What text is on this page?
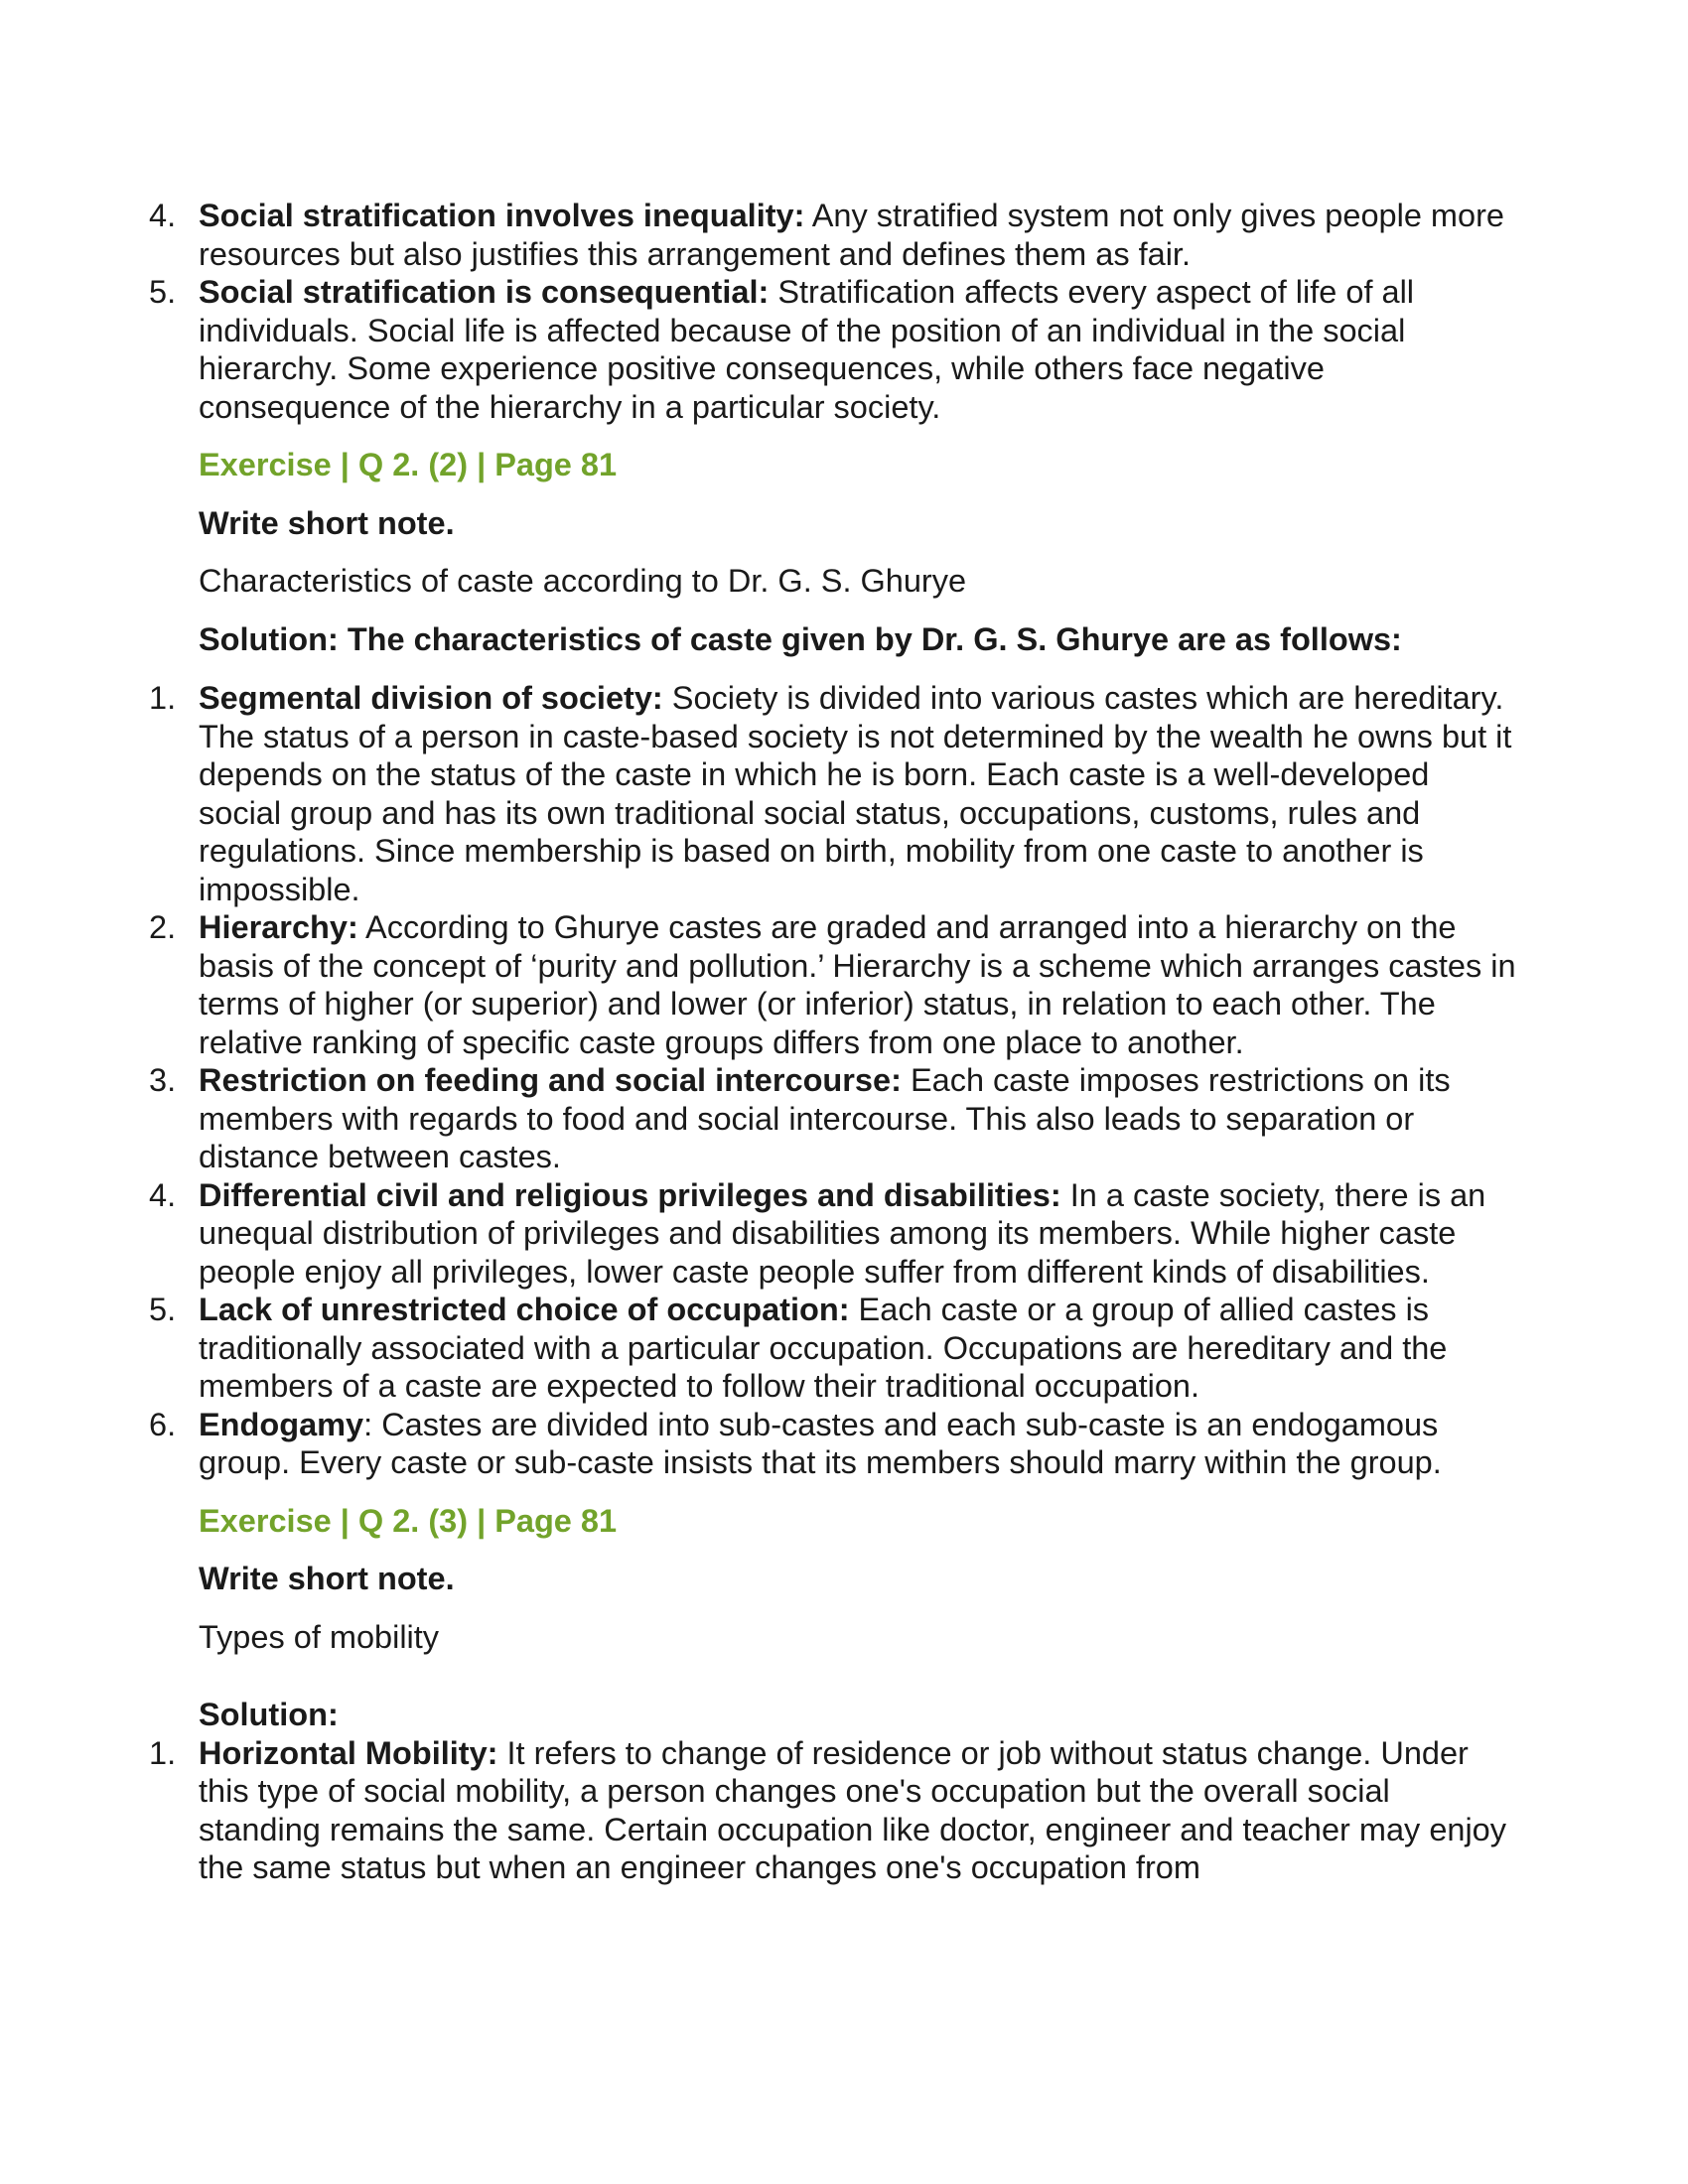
4. Social stratification involves inequality: Any stratified system not only gives people more resources but also justifies this arrangement and defines them as fair.
5. Social stratification is consequential: Stratification affects every aspect of life of all individuals. Social life is affected because of the position of an individual in the social hierarchy. Some experience positive consequences, while others face negative consequence of the hierarchy in a particular society.
Exercise | Q 2. (2) | Page 81
Write short note.
Characteristics of caste according to Dr. G. S. Ghurye
Solution: The characteristics of caste given by Dr. G. S. Ghurye are as follows:
1. Segmental division of society: Society is divided into various castes which are hereditary. The status of a person in caste-based society is not determined by the wealth he owns but it depends on the status of the caste in which he is born. Each caste is a well-developed social group and has its own traditional social status, occupations, customs, rules and regulations. Since membership is based on birth, mobility from one caste to another is impossible.
2. Hierarchy: According to Ghurye castes are graded and arranged into a hierarchy on the basis of the concept of ‘purity and pollution.’ Hierarchy is a scheme which arranges castes in terms of higher (or superior) and lower (or inferior) status, in relation to each other. The relative ranking of specific caste groups differs from one place to another.
3. Restriction on feeding and social intercourse: Each caste imposes restrictions on its members with regards to food and social intercourse. This also leads to separation or distance between castes.
4. Differential civil and religious privileges and disabilities: In a caste society, there is an unequal distribution of privileges and disabilities among its members. While higher caste people enjoy all privileges, lower caste people suffer from different kinds of disabilities.
5. Lack of unrestricted choice of occupation: Each caste or a group of allied castes is traditionally associated with a particular occupation. Occupations are hereditary and the members of a caste are expected to follow their traditional occupation.
6. Endogamy: Castes are divided into sub-castes and each sub-caste is an endogamous group. Every caste or sub-caste insists that its members should marry within the group.
Exercise | Q 2. (3) | Page 81
Write short note.
Types of mobility
Solution:
1. Horizontal Mobility: It refers to change of residence or job without status change. Under this type of social mobility, a person changes one's occupation but the overall social standing remains the same. Certain occupation like doctor, engineer and teacher may enjoy the same status but when an engineer changes one's occupation from
